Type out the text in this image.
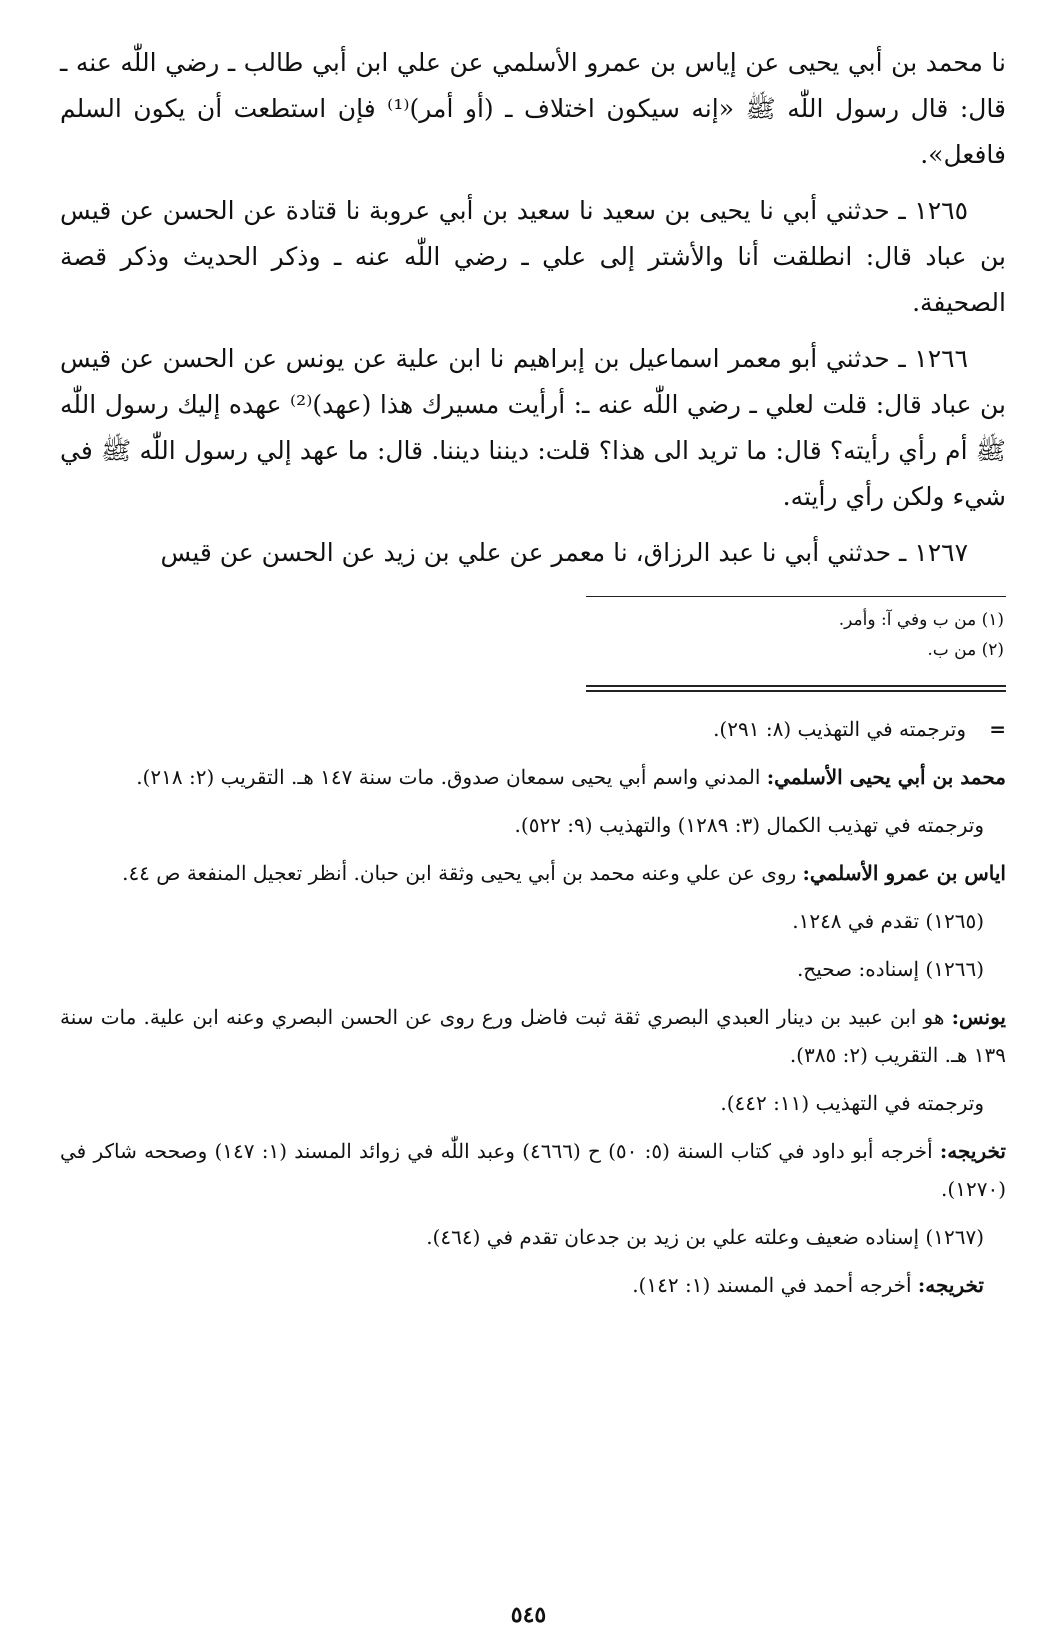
نا محمد بن أبي يحيى عن إياس بن عمرو الأسلمي عن علي ابن أبي طالب ـ رضي اللّٰه عنه ـ قال: قال رسول اللّٰه ﷺ «إنه سيكون اختلاف ـ (أو أمر)⁽¹⁾ فإن استطعت أن يكون السلم فافعل».

١٢٦٥ ـ حدثني أبي نا يحيى بن سعيد نا سعيد بن أبي عروبة نا قتادة عن الحسن عن قيس بن عباد قال: انطلقت أنا والأشتر إلى علي ـ رضي اللّٰه عنه ـ وذكر الحديث وذكر قصة الصحيفة.

١٢٦٦ ـ حدثني أبو معمر اسماعيل بن إبراهيم نا ابن علية عن يونس عن الحسن عن قيس بن عباد قال: قلت لعلي ـ رضي اللّٰه عنه ـ: أرأيت مسيرك هذا (عهد)⁽²⁾ عهده إليك رسول اللّٰه ﷺ أم رأي رأيته؟ قال: ما تريد الى هذا؟ قلت: ديننا ديننا. قال: ما عهد إلي رسول اللّٰه ﷺ في شيء ولكن رأي رأيته.

١٢٦٧ ـ حدثني أبي نا عبد الرزاق، نا معمر عن علي بن زيد عن الحسن عن قيس

(١) من ب وفي آ: وأمر.

(٢) من ب.

=وترجمته في التهذيب (٨: ٢٩١).

محمد بن أبي يحيى الأسلمي: المدني واسم أبي يحيى سمعان صدوق. مات سنة ١٤٧ هـ. التقريب (٢: ٢١٨).

وترجمته في تهذيب الكمال (٣: ١٢٨٩) والتهذيب (٩: ٥٢٢).

اياس بن عمرو الأسلمي: روى عن علي وعنه محمد بن أبي يحيى وثقة ابن حبان. أنظر تعجيل المنفعة ص ٤٤.

(١٢٦٥) تقدم في ١٢٤٨.

(١٢٦٦) إسناده: صحيح.

يونس: هو ابن عبيد بن دينار العبدي البصري ثقة ثبت فاضل ورع روى عن الحسن البصري وعنه ابن علية. مات سنة ١٣٩ هـ. التقريب (٢: ٣٨٥).

وترجمته في التهذيب (١١: ٤٤٢).

تخريجه: أخرجه أبو داود في كتاب السنة (٥: ٥٠) ح (٤٦٦٦) وعبد اللّٰه في زوائد المسند (١: ١٤٧) وصححه شاكر في (١٢٧٠).

(١٢٦٧) إسناده ضعيف وعلته علي بن زيد بن جدعان تقدم في (٤٦٤).

تخريجه: أخرجه أحمد في المسند (١: ١٤٢).

٥٤٥
